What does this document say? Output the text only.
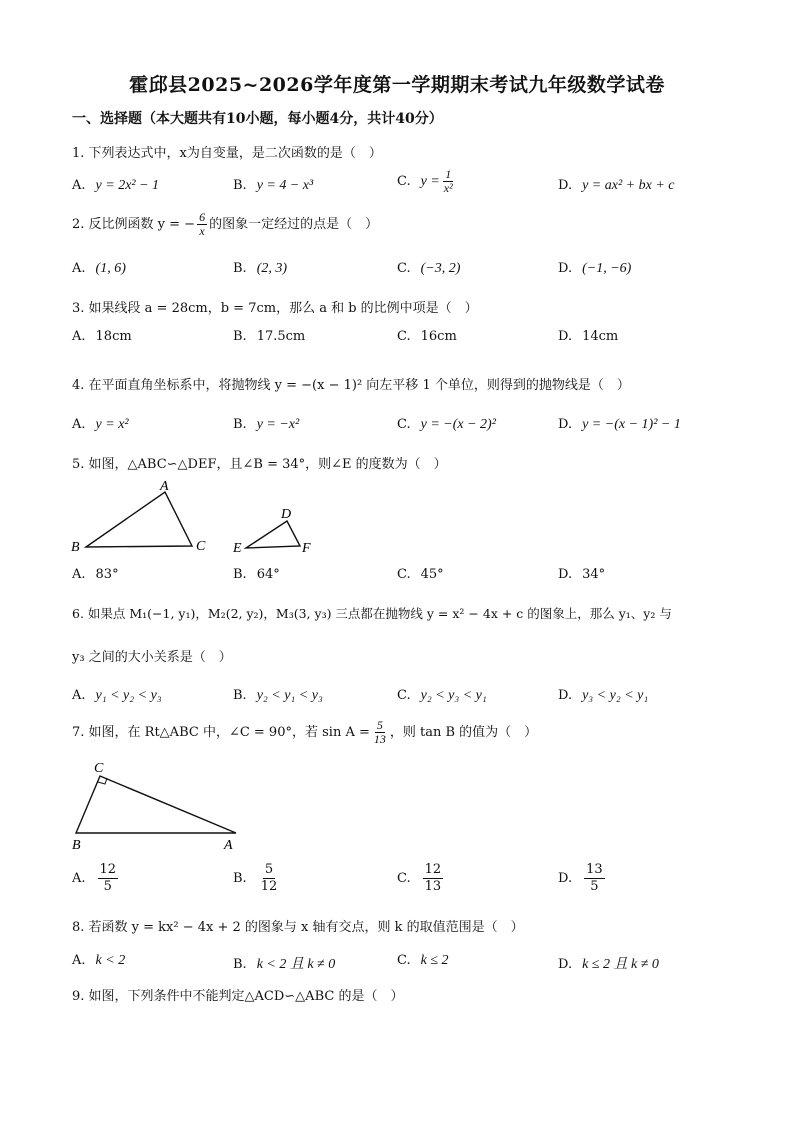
霍邱县2025~2026学年度第一学期期末考试九年级数学试卷
一、选择题（本大题共有10小题，每小题4分，共计40分）
1. 下列表达式中，x为自变量，是二次函数的是（　）
A. y = 2x² − 1	B. y = 4 − x³	C. $y = \frac{1}{\text{x²}}$	D. y = ax² + bx + c
2. 反比例函数 y = − $\frac{6}{x}$ 的图象一定经过的点是（　）
A. (1, 6)	B. (2, 3)	C. (−3, 2)	D. (−1, −6)
3. 如果线段 a = 28cm，b = 7cm，那么 a 和 b 的比例中项是（　）
A. 18cm	B. 17.5cm	C. 16cm	D. 14cm
4. 在平面直角坐标系中，将抛物线 y = −(x − 1)² 向左平移 1 个单位，则得到的抛物线是（　）
A. y = x²	B. y = −x²	C. y = −(x − 2)²	D. y = −(x − 1)² − 1
5. 如图，△ABC∽△DEF，且∠B = 34°，则∠E 的度数为（　）
A
B	C
D
E	F
A. 83°	B. 64°	C. 45°	D. 34°
6. 如果点 M₁(−1, y₁)，M₂(2, y₂)，M₃(3, y₃) 三点都在抛物线 y = x² − 4x + c 的图象上，那么 y₁、y₂ 与
y₃ 之间的大小关系是（　）
A. y₁ < y₂ < y₃	B. y₂ < y₁ < y₃	C. y₂ < y₃ < y₁	D. y₃ < y₂ < y₁
7. 如图，在 Rt△ABC 中，∠C = 90°，若 $\sin A = \frac{5}{13}$ ，则 tan B 的值为（　）
C
B	A
A. $\frac{12}{5}$	B. $\frac{5}{12}$	C. $\frac{12}{13}$	D. $\frac{13}{5}$
8. 若函数 y = kx² − 4x + 2 的图象与 x 轴有交点，则 k 的取值范围是（　）
A. k < 2	B. k < 2 且 k ≠ 0	C. k ≤ 2	D. k ≤ 2 且 k ≠ 0
9. 如图，下列条件中不能判定△ACD∽△ABC 的是（　）
